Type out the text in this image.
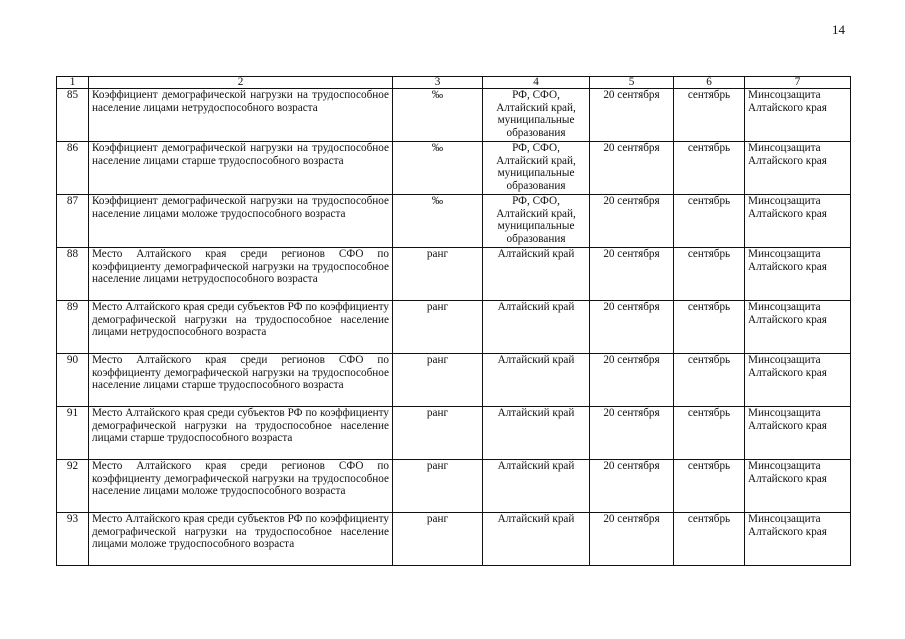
14
1	2	3	4	5	6	7
85	Коэффициент демографической нагрузки на трудоспособное население лицами нетрудоспособного возраста	‰	РФ, СФО, Алтайский край, муниципальные образования	20 сентября	сентябрь	Минсоцзащита Алтайского края
86	Коэффициент демографической нагрузки на трудоспособное население лицами старше трудоспособного возраста	‰	РФ, СФО, Алтайский край, муниципальные образования	20 сентября	сентябрь	Минсоцзащита Алтайского края
87	Коэффициент демографической нагрузки на трудоспособное население лицами моложе трудоспособного возраста	‰	РФ, СФО, Алтайский край, муниципальные образования	20 сентября	сентябрь	Минсоцзащита Алтайского края
88	Место Алтайского края среди регионов СФО по коэффициенту демографической нагрузки на трудоспособное население лицами нетрудоспособного возраста	ранг	Алтайский край	20 сентября	сентябрь	Минсоцзащита Алтайского края
89	Место Алтайского края среди субъектов РФ по коэффициенту демографической нагрузки на трудоспособное население лицами нетрудоспособного возраста	ранг	Алтайский край	20 сентября	сентябрь	Минсоцзащита Алтайского края
90	Место Алтайского края среди регионов СФО по коэффициенту демографической нагрузки на трудоспособное население лицами старше трудоспособного возраста	ранг	Алтайский край	20 сентября	сентябрь	Минсоцзащита Алтайского края
91	Место Алтайского края среди субъектов РФ по коэффициенту демографической нагрузки на трудоспособное население лицами старше трудоспособного возраста	ранг	Алтайский край	20 сентября	сентябрь	Минсоцзащита Алтайского края
92	Место Алтайского края среди регионов СФО по коэффициенту демографической нагрузки на трудоспособное население лицами моложе трудоспособного возраста	ранг	Алтайский край	20 сентября	сентябрь	Минсоцзащита Алтайского края
93	Место Алтайского края среди субъектов РФ по коэффициенту демографической нагрузки на трудоспособное население лицами моложе трудоспособного возраста	ранг	Алтайский край	20 сентября	сентябрь	Минсоцзащита Алтайского края
